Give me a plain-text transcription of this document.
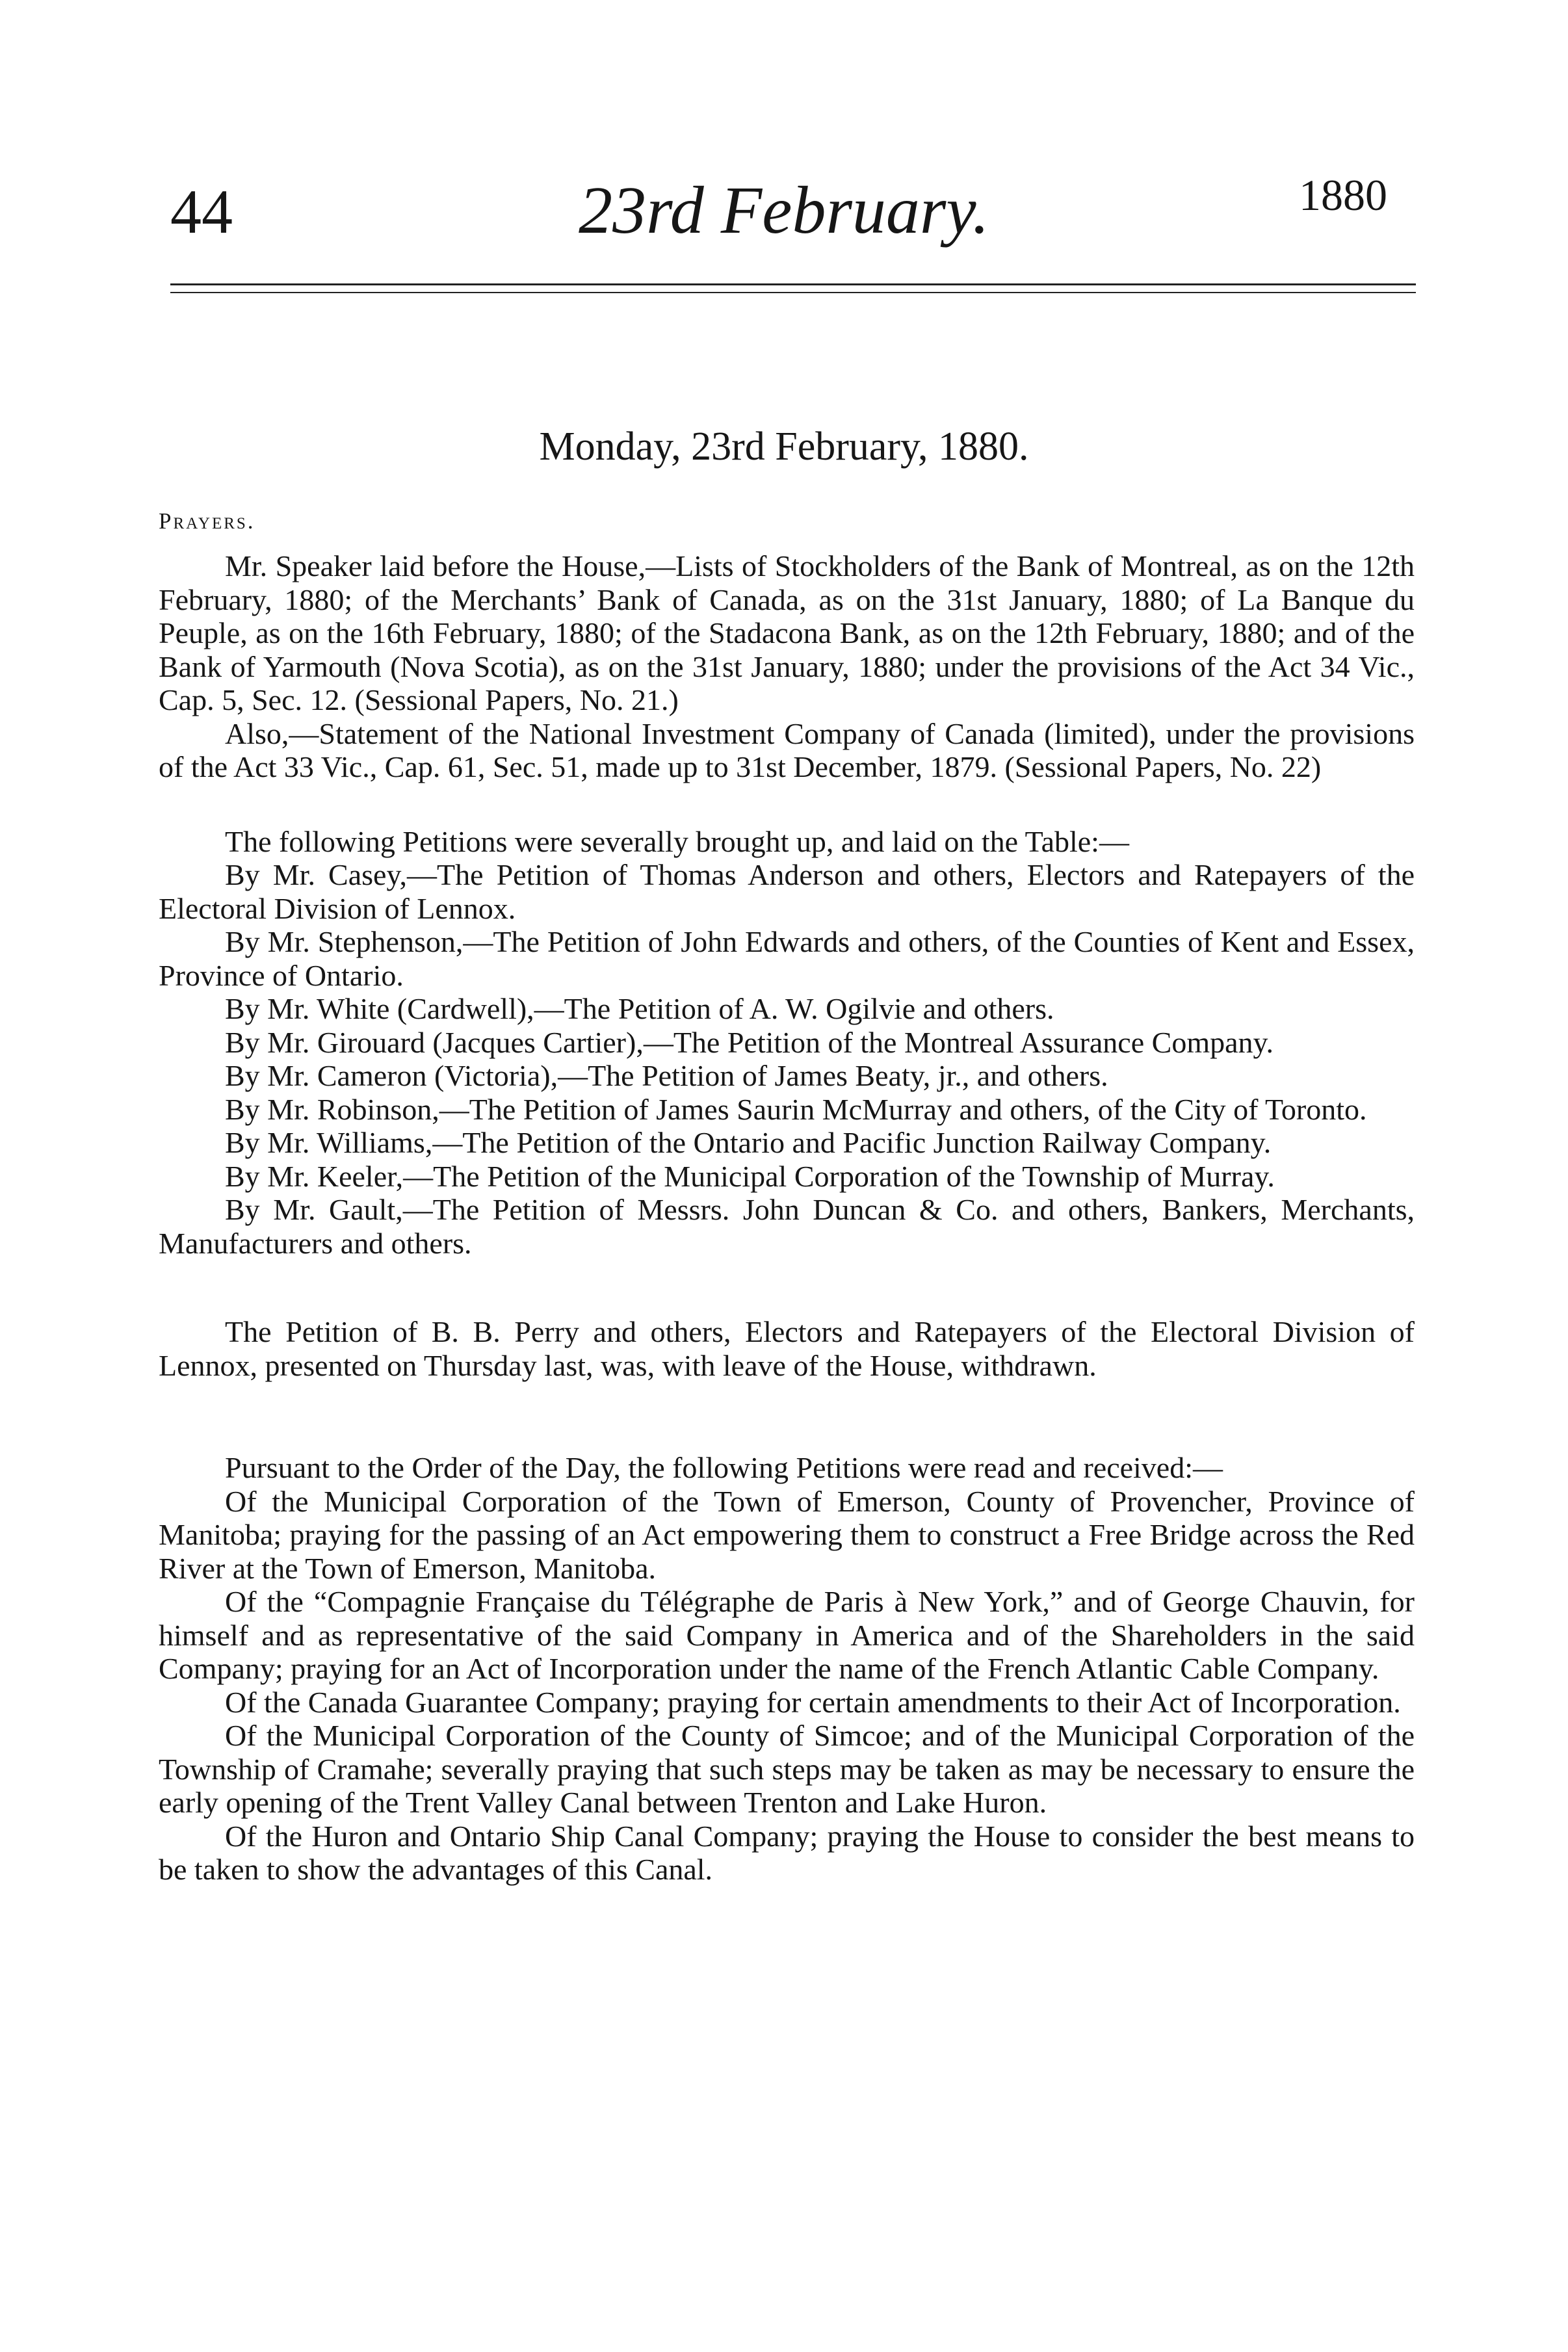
44	23rd February.	1880
Monday, 23rd February, 1880.
Prayers.

Mr. Speaker laid before the House,—Lists of Stockholders of the Bank of Montreal, as on the 12th February, 1880; of the Merchants’ Bank of Canada, as on the 31st January, 1880; of La Banque du Peuple, as on the 16th February, 1880; of the Stadacona Bank, as on the 12th February, 1880; and of the Bank of Yarmouth (Nova Scotia), as on the 31st January, 1880; under the provisions of the Act 34 Vic., Cap. 5, Sec. 12. (Sessional Papers, No. 21.)

Also,—Statement of the National Investment Company of Canada (limited), under the provisions of the Act 33 Vic., Cap. 61, Sec. 51, made up to 31st December, 1879. (Sessional Papers, No. 22)

The following Petitions were severally brought up, and laid on the Table:—

By Mr. Casey,—The Petition of Thomas Anderson and others, Electors and Ratepayers of the Electoral Division of Lennox.

By Mr. Stephenson,—The Petition of John Edwards and others, of the Counties of Kent and Essex, Province of Ontario.

By Mr. White (Cardwell),—The Petition of A. W. Ogilvie and others.

By Mr. Girouard (Jacques Cartier),—The Petition of the Montreal Assurance Company.

By Mr. Cameron (Victoria),—The Petition of James Beaty, jr., and others.

By Mr. Robinson,—The Petition of James Saurin McMurray and others, of the City of Toronto.

By Mr. Williams,—The Petition of the Ontario and Pacific Junction Railway Company.

By Mr. Keeler,—The Petition of the Municipal Corporation of the Township of Murray.

By Mr. Gault,—The Petition of Messrs. John Duncan & Co. and others, Bankers, Merchants, Manufacturers and others.

The Petition of B. B. Perry and others, Electors and Ratepayers of the Electoral Division of Lennox, presented on Thursday last, was, with leave of the House, withdrawn.

Pursuant to the Order of the Day, the following Petitions were read and received:—

Of the Municipal Corporation of the Town of Emerson, County of Provencher, Province of Manitoba; praying for the passing of an Act empowering them to construct a Free Bridge across the Red River at the Town of Emerson, Manitoba.

Of the “Compagnie Française du Télégraphe de Paris à New York,” and of George Chauvin, for himself and as representative of the said Company in America and of the Shareholders in the said Company; praying for an Act of Incorporation under the name of the French Atlantic Cable Company.

Of the Canada Guarantee Company; praying for certain amendments to their Act of Incorporation.

Of the Municipal Corporation of the County of Simcoe; and of the Municipal Corporation of the Township of Cramahe; severally praying that such steps may be taken as may be necessary to ensure the early opening of the Trent Valley Canal between Trenton and Lake Huron.

Of the Huron and Ontario Ship Canal Company; praying the House to consider the best means to be taken to show the advantages of this Canal.
